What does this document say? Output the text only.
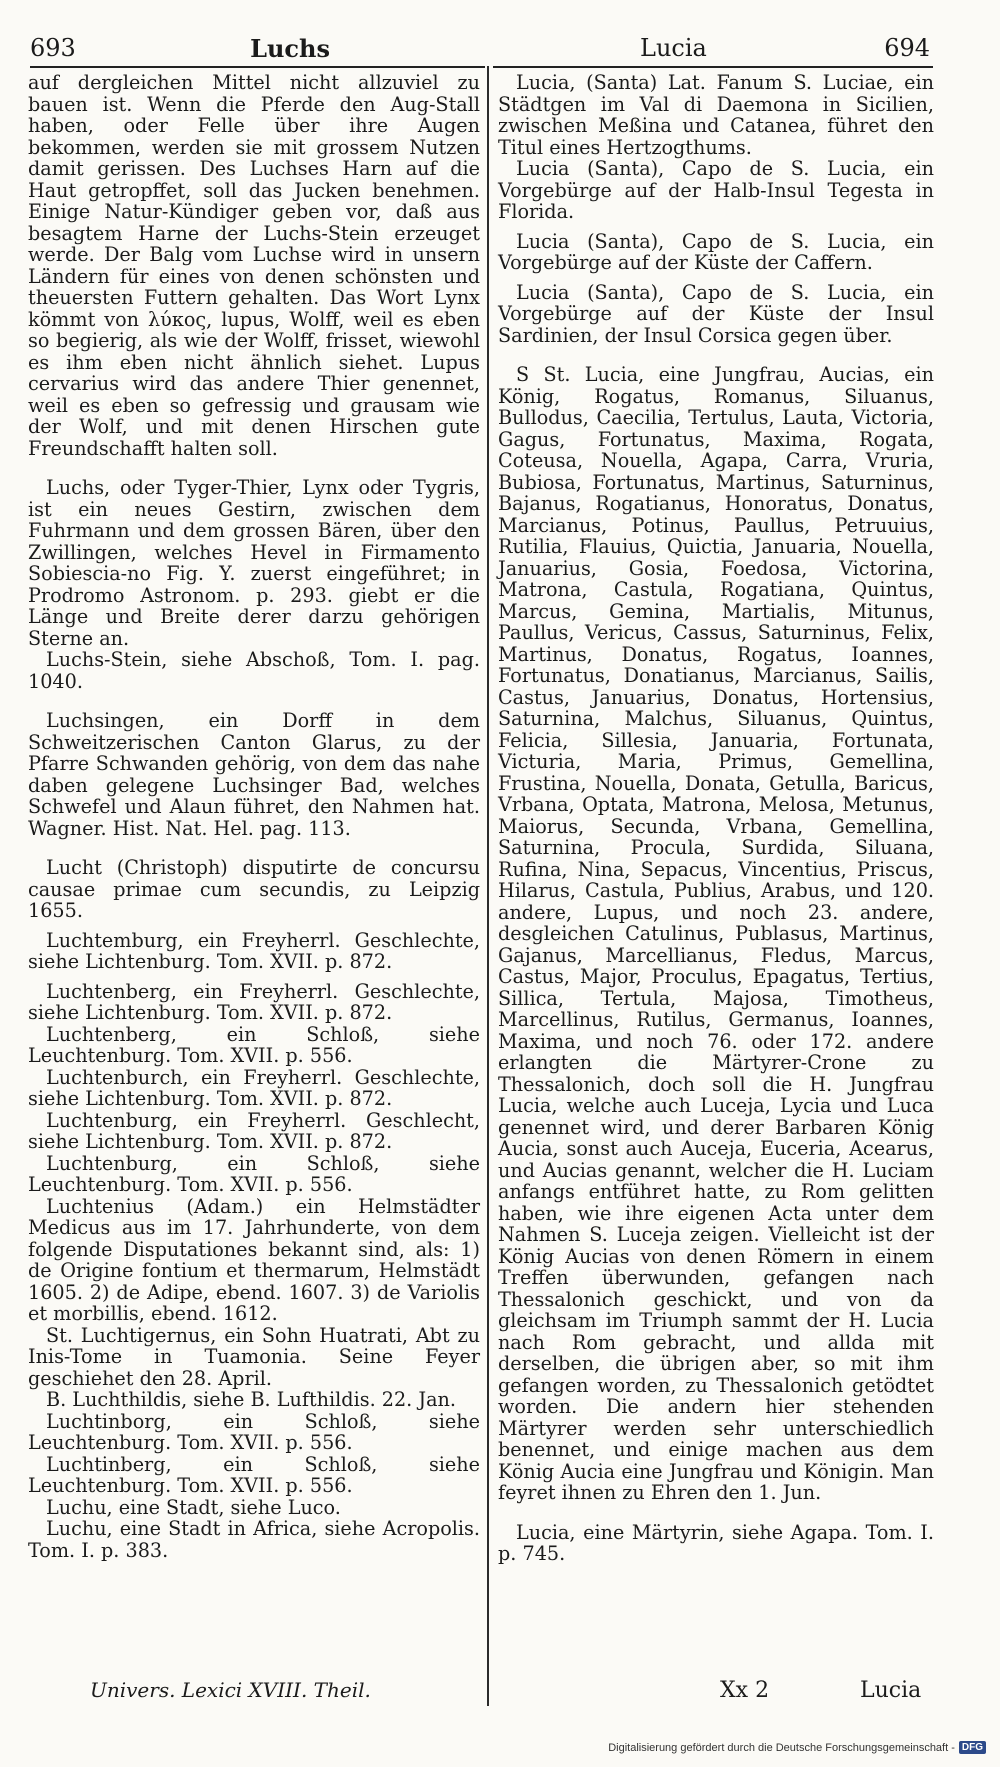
693	Luchs	Lucia	694

auf dergleichen Mittel nicht allzuviel zu bauen ist. Wenn die Pferde den Aug-Stall haben, oder Felle über ihre Augen bekommen, werden sie mit grossem Nutzen damit gerissen. Des Luchses Harn auf die Haut getropffet, soll das Jucken benehmen. Einige Natur-Kündiger geben vor, daß aus besagtem Harne der Luchs-Stein erzeuget werde. Der Balg vom Luchse wird in unsern Ländern für eines von denen schönsten und theuersten Futtern gehalten. Das Wort Lynx kömmt von λύκος, lupus, Wolff, weil es eben so begierig, als wie der Wolff, frisset, wiewohl es ihm eben nicht ähnlich siehet. Lupus cervarius wird das andere Thier genennet, weil es eben so gefressig und grausam wie der Wolf, und mit denen Hirschen gute Freundschafft halten soll.

Luchs, oder Tyger-Thier, Lynx oder Tygris, ist ein neues Gestirn, zwischen dem Fuhrmann und dem grossen Bären, über den Zwillingen, welches Hevel in Firmamento Sobiescia-no Fig. Y. zuerst eingeführet; in Prodromo Astronom. p. 293. giebt er die Länge und Breite derer darzu gehörigen Sterne an.

Luchs-Stein, siehe Abschoß, Tom. I. pag. 1040.

Luchsingen, ein Dorff in dem Schweitzerischen Canton Glarus, zu der Pfarre Schwanden gehörig, von dem das nahe daben gelegene Luchsinger Bad, welches Schwefel und Alaun führet, den Nahmen hat. Wagner. Hist. Nat. Hel. pag. 113.

Lucht (Christoph) disputirte de concursu causae primae cum secundis, zu Leipzig 1655.

Luchtemburg, ein Freyherrl. Geschlechte, siehe Lichtenburg. Tom. XVII. p. 872.

Luchtenberg, ein Freyherrl. Geschlechte, siehe Lichtenburg. Tom. XVII. p. 872.

Luchtenberg, ein Schloß, siehe Leuchtenburg. Tom. XVII. p. 556.

Luchtenburch, ein Freyherrl. Geschlechte, siehe Lichtenburg. Tom. XVII. p. 872.

Luchtenburg, ein Freyherrl. Geschlecht, siehe Lichtenburg. Tom. XVII. p. 872.

Luchtenburg, ein Schloß, siehe Leuchtenburg. Tom. XVII. p. 556.

Luchtenius (Adam.) ein Helmstädter Medicus aus im 17. Jahrhunderte, von dem folgende Disputationes bekannt sind, als: 1) de Origine fontium et thermarum, Helmstädt 1605. 2) de Adipe, ebend. 1607. 3) de Variolis et morbillis, ebend. 1612.

St. Luchtigernus, ein Sohn Huatrati, Abt zu Inis-Tome in Tuamonia. Seine Feyer geschiehet den 28. April.

B. Luchthildis, siehe B. Lufthildis. 22. Jan.

Luchtinborg, ein Schloß, siehe Leuchtenburg. Tom. XVII. p. 556.

Luchtinberg, ein Schloß, siehe Leuchtenburg. Tom. XVII. p. 556.

Luchu, eine Stadt, siehe Luco.

Luchu, eine Stadt in Africa, siehe Acropolis. Tom. I. p. 383.

Lucia, (Santa) Lat. Fanum S. Luciae, ein Städtgen im Val di Daemona in Sicilien, zwischen Meßina und Catanea, führet den Titul eines Hertzogthums.

Lucia (Santa), Capo de S. Lucia, ein Vorgebürge auf der Halb-Insul Tegesta in Florida.

Lucia (Santa), Capo de S. Lucia, ein Vorgebürge auf der Küste der Caffern.

Lucia (Santa), Capo de S. Lucia, ein Vorgebürge auf der Küste der Insul Sardinien, der Insul Corsica gegen über.

S St. Lucia, eine Jungfrau, Aucias, ein König, Rogatus, Romanus, Siluanus, Bullodus, Caecilia, Tertulus, Lauta, Victoria, Gagus, Fortunatus, Maxima, Rogata, Coteusa, Nouella, Agapa, Carra, Vruria, Bubiosa, Fortunatus, Martinus, Saturninus, Bajanus, Rogatianus, Honoratus, Donatus, Marcianus, Potinus, Paullus, Petruuius, Rutilia, Flauius, Quictia, Januaria, Nouella, Januarius, Gosia, Foedosa, Victorina, Matrona, Castula, Rogatiana, Quintus, Marcus, Gemina, Martialis, Mitunus, Paullus, Vericus, Cassus, Saturninus, Felix, Martinus, Donatus, Rogatus, Ioannes, Fortunatus, Donatianus, Marcianus, Sailis, Castus, Januarius, Donatus, Hortensius, Saturnina, Malchus, Siluanus, Quintus, Felicia, Sillesia, Januaria, Fortunata, Victuria, Maria, Primus, Gemellina, Frustina, Nouella, Donata, Getulla, Baricus, Vrbana, Optata, Matrona, Melosa, Metunus, Maiorus, Secunda, Vrbana, Gemellina, Saturnina, Procula, Surdida, Siluana, Rufina, Nina, Sepacus, Vincentius, Priscus, Hilarus, Castula, Publius, Arabus, und 120. andere, Lupus, und noch 23. andere, desgleichen Catulinus, Publasus, Martinus, Gajanus, Marcellianus, Fledus, Marcus, Castus, Major, Proculus, Epagatus, Tertius, Sillica, Tertula, Majosa, Timotheus, Marcellinus, Rutilus, Germanus, Ioannes, Maxima, und noch 76. oder 172. andere erlangten die Märtyrer-Crone zu Thessalonich, doch soll die H. Jungfrau Lucia, welche auch Luceja, Lycia und Luca genennet wird, und derer Barbaren König Aucia, sonst auch Auceja, Euceria, Acearus, und Aucias genannt, welcher die H. Luciam anfangs entführet hatte, zu Rom gelitten haben, wie ihre eigenen Acta unter dem Nahmen S. Luceja zeigen. Vielleicht ist der König Aucias von denen Römern in einem Treffen überwunden, gefangen nach Thessalonich geschickt, und von da gleichsam im Triumph sammt der H. Lucia nach Rom gebracht, und allda mit derselben, die übrigen aber, so mit ihm gefangen worden, zu Thessalonich getödtet worden. Die andern hier stehenden Märtyrer werden sehr unterschiedlich benennet, und einige machen aus dem König Aucia eine Jungfrau und Königin. Man feyret ihnen zu Ehren den 1. Jun.

Lucia, eine Märtyrin, siehe Agapa. Tom. I. p. 745.

Univers. Lexici XVIII. Theil.	Xx 2	Lucia
Digitalisierung gefördert durch die Deutsche Forschungsgemeinschaft - DFG
